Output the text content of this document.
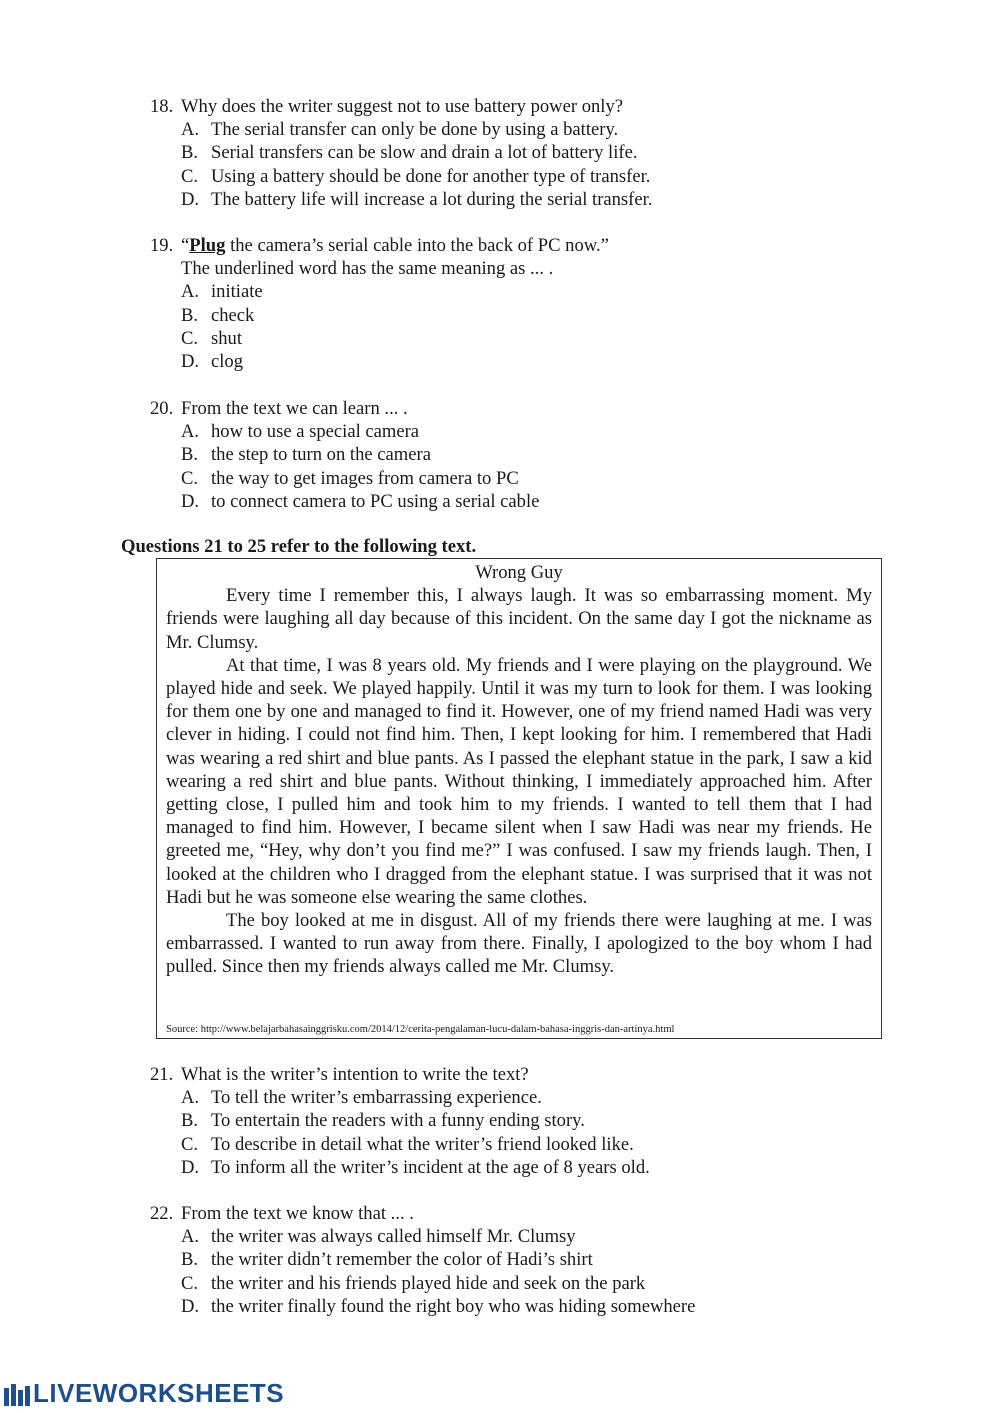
18. Why does the writer suggest not to use battery power only?
A. The serial transfer can only be done by using a battery.
B. Serial transfers can be slow and drain a lot of battery life.
C. Using a battery should be done for another type of transfer.
D. The battery life will increase a lot during the serial transfer.
19. “Plug the camera’s serial cable into the back of PC now.”
The underlined word has the same meaning as ... .
A. initiate
B. check
C. shut
D. clog
20. From the text we can learn ... .
A. how to use a special camera
B. the step to turn on the camera
C. the way to get images from camera to PC
D. to connect camera to PC using a serial cable
Questions 21 to 25 refer to the following text.
Wrong Guy

Every time I remember this, I always laugh. It was so embarrassing moment. My friends were laughing all day because of this incident. On the same day I got the nickname as Mr. Clumsy.

At that time, I was 8 years old. My friends and I were playing on the playground. We played hide and seek. We played happily. Until it was my turn to look for them. I was looking for them one by one and managed to find it. However, one of my friend named Hadi was very clever in hiding. I could not find him. Then, I kept looking for him. I remembered that Hadi was wearing a red shirt and blue pants. As I passed the elephant statue in the park, I saw a kid wearing a red shirt and blue pants. Without thinking, I immediately approached him. After getting close, I pulled him and took him to my friends. I wanted to tell them that I had managed to find him. However, I became silent when I saw Hadi was near my friends. He greeted me, “Hey, why don’t you find me?” I was confused. I saw my friends laugh. Then, I looked at the children who I dragged from the elephant statue. I was surprised that it was not Hadi but he was someone else wearing the same clothes.

The boy looked at me in disgust. All of my friends there were laughing at me. I was embarrassed. I wanted to run away from there. Finally, I apologized to the boy whom I had pulled. Since then my friends always called me Mr. Clumsy.

Source: http://www.belajarbahasainggrisku.com/2014/12/cerita-pengalaman-lucu-dalam-bahasa-inggris-dan-artinya.html
21. What is the writer’s intention to write the text?
A. To tell the writer’s embarrassing experience.
B. To entertain the readers with a funny ending story.
C. To describe in detail what the writer’s friend looked like.
D. To inform all the writer’s incident at the age of 8 years old.
22. From the text we know that ... .
A. the writer was always called himself Mr. Clumsy
B. the writer didn’t remember the color of Hadi’s shirt
C. the writer and his friends played hide and seek on the park
D. the writer finally found the right boy who was hiding somewhere
LIVEWORKSHEETS
